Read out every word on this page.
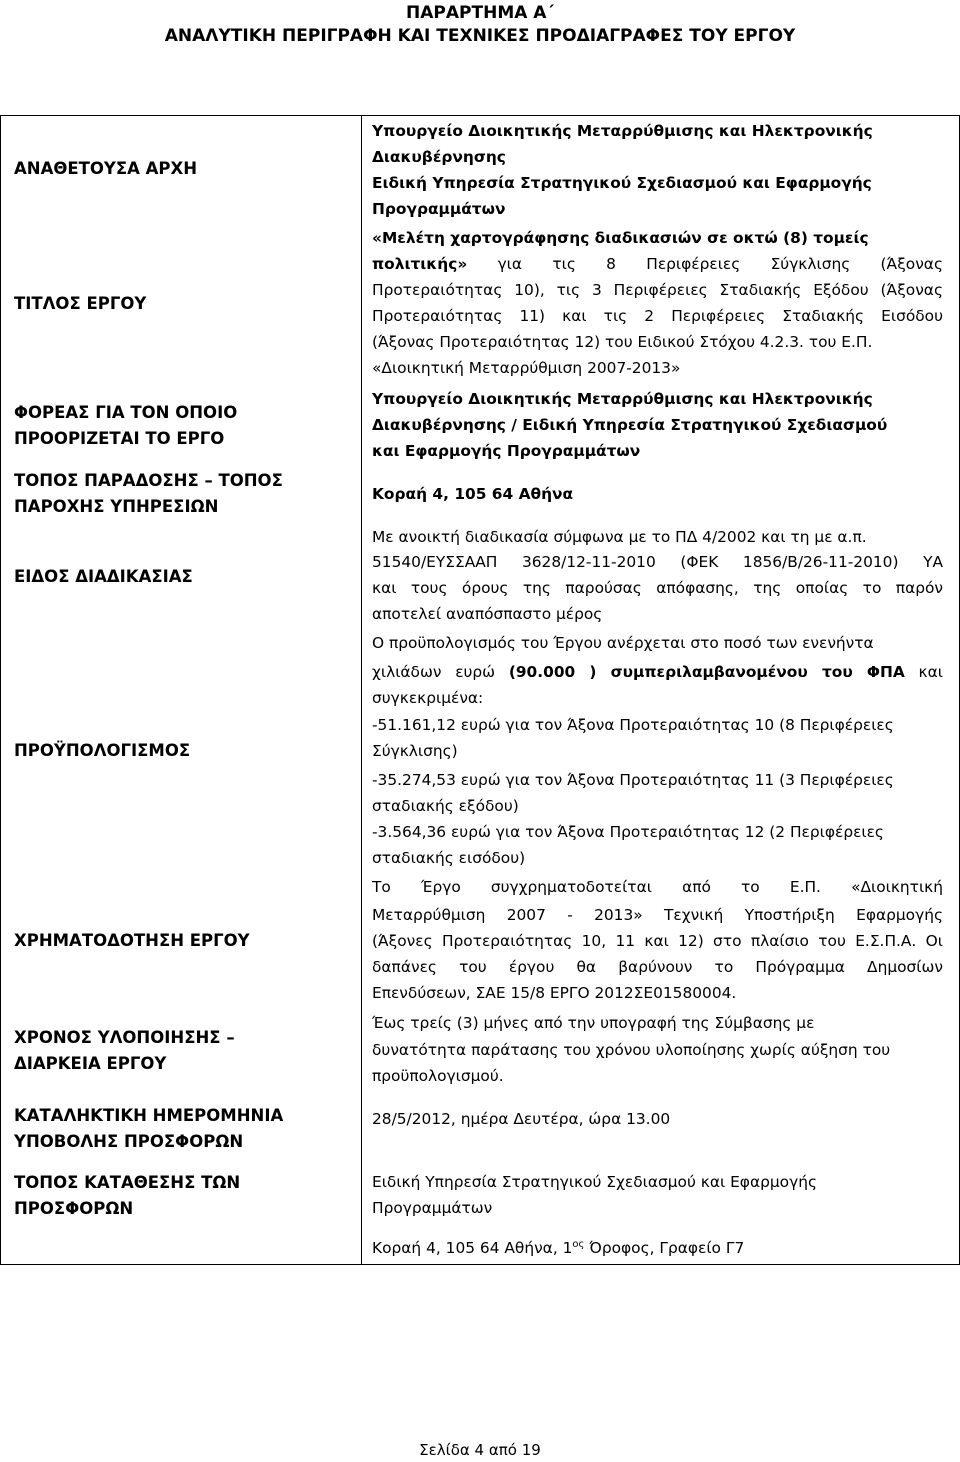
ΠΑΡΑΡΤΗΜΑ Α΄
ΑΝΑΛΥΤΙΚΗ ΠΕΡΙΓΡΑΦΗ ΚΑΙ ΤΕΧΝΙΚΕΣ ΠΡΟΔΙΑΓΡΑΦΕΣ ΤΟΥ ΕΡΓΟΥ
ΑΝΑΘΕΤΟΥΣΑ ΑΡΧΗ
ΤΙΤΛΟΣ ΕΡΓΟΥ
ΦΟΡΕΑΣ ΓΙΑ ΤΟΝ ΟΠΟΙΟ
ΠΡΟΟΡΙΖΕΤΑΙ ΤΟ ΕΡΓΟ
ΤΟΠΟΣ ΠΑΡΑΔΟΣΗΣ – ΤΟΠΟΣ
ΠΑΡΟΧΗΣ ΥΠΗΡΕΣΙΩΝ
ΕΙΔΟΣ ΔΙΑΔΙΚΑΣΙΑΣ
ΠΡΟΫΠΟΛΟΓΙΣΜΟΣ
ΧΡΗΜΑΤΟΔΟΤΗΣΗ ΕΡΓΟΥ
ΧΡΟΝΟΣ ΥΛΟΠΟΙΗΣΗΣ –
ΔΙΑΡΚΕΙΑ ΕΡΓΟΥ
ΚΑΤΑΛΗΚΤΙΚΗ ΗΜΕΡΟΜΗΝΙΑ
ΥΠΟΒΟΛΗΣ ΠΡΟΣΦΟΡΩΝ
ΤΟΠΟΣ ΚΑΤΑΘΕΣΗΣ ΤΩΝ
ΠΡΟΣΦΟΡΩΝ
Υπουργείο Διοικητικής Μεταρρύθμισης και Ηλεκτρονικής
Διακυβέρνησης
Ειδική Υπηρεσία Στρατηγικού Σχεδιασμού και Εφαρμογής
Προγραμμάτων
«Μελέτη χαρτογράφησης διαδικασιών σε οκτώ (8) τομείς
πολιτικής» για τις 8 Περιφέρειες Σύγκλισης (Άξονας
Προτεραιότητας 10), τις 3 Περιφέρειες Σταδιακής Εξόδου (Άξονας
Προτεραιότητας 11) και τις 2 Περιφέρειες Σταδιακής Εισόδου
(Άξονας Προτεραιότητας 12) του Ειδικού Στόχου 4.2.3. του Ε.Π.
«Διοικητική Μεταρρύθμιση 2007-2013»
Υπουργείο Διοικητικής Μεταρρύθμισης και Ηλεκτρονικής
Διακυβέρνησης / Ειδική Υπηρεσία Στρατηγικού Σχεδιασμού
και Εφαρμογής Προγραμμάτων
Κοραή 4, 105 64 Αθήνα
Με ανοικτή διαδικασία σύμφωνα με το ΠΔ 4/2002 και τη με α.π.
51540/ΕΥΣΣΑΑΠ 3628/12-11-2010 (ΦΕΚ 1856/Β/26-11-2010) ΥΑ
και τους όρους της παρούσας απόφασης, της οποίας το παρόν
αποτελεί αναπόσπαστο μέρος
Ο προϋπολογισμός του Έργου ανέρχεται στο ποσό των ενενήντα
χιλιάδων ευρώ (90.000 ) συμπεριλαμβανομένου του ΦΠΑ και
συγκεκριμένα:
-51.161,12 ευρώ για τον Άξονα Προτεραιότητας 10 (8 Περιφέρειες
Σύγκλισης)
-35.274,53 ευρώ για τον Άξονα Προτεραιότητας 11 (3 Περιφέρειες
σταδιακής εξόδου)
-3.564,36 ευρώ για τον Άξονα Προτεραιότητας 12 (2 Περιφέρειες
σταδιακής εισόδου)
Το Έργο συγχρηματοδοτείται από το Ε.Π. «Διοικητική
Μεταρρύθμιση 2007 - 2013» Τεχνική Υποστήριξη Εφαρμογής
(Άξονες Προτεραιότητας 10, 11 και 12) στο πλαίσιο του Ε.Σ.Π.Α. Οι
δαπάνες του έργου θα βαρύνουν το Πρόγραμμα Δημοσίων
Επενδύσεων, ΣΑΕ 15/8 ΕΡΓΟ 2012ΣΕ01580004.
Έως τρείς (3) μήνες από την υπογραφή της Σύμβασης με
δυνατότητα παράτασης του χρόνου υλοποίησης χωρίς αύξηση του
προϋπολογισμού.
28/5/2012, ημέρα Δευτέρα, ώρα 13.00
Ειδική Υπηρεσία Στρατηγικού Σχεδιασμού και Εφαρμογής
Προγραμμάτων
Κοραή 4, 105 64 Αθήνα, $1^{o\varsigma}$ Όροφος, Γραφείο Γ7
Σελίδα 4 από 19
